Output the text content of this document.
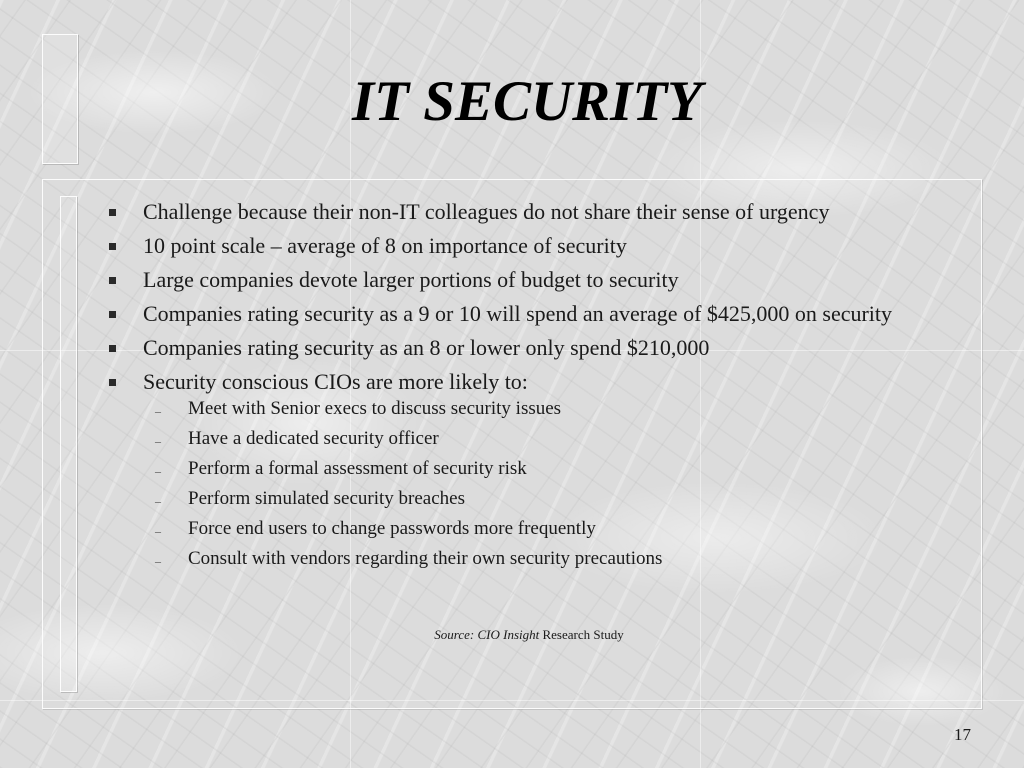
IT SECURITY
Challenge because their non-IT colleagues do not share their sense of urgency
10 point scale – average of 8 on importance of security
Large companies devote larger portions of budget to security
Companies rating security as a 9 or 10 will spend an average of $425,000 on security
Companies rating security as an 8 or lower only spend $210,000
Security conscious CIOs are more likely to:
– Meet with Senior execs to discuss security issues
– Have a dedicated security officer
– Perform a formal assessment of security risk
– Perform simulated security breaches
– Force end users to change passwords more frequently
– Consult with vendors regarding their own security precautions
Source: CIO Insight Research Study
17
